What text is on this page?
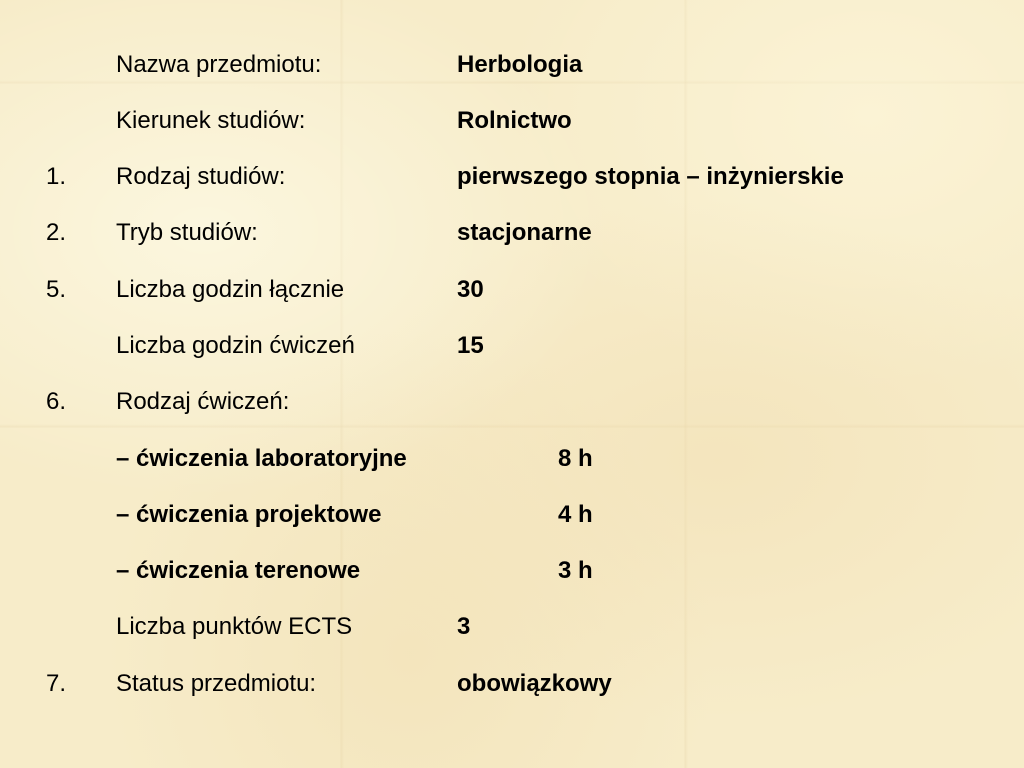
Nazwa przedmiotu:	Herbologia
Kierunek studiów:	Rolnictwo
1. Rodzaj studiów:	pierwszego stopnia – inżynierskie
2. Tryb studiów:	stacjonarne
5. Liczba godzin łącznie	30
Liczba godzin ćwiczeń	15
6. Rodzaj ćwiczeń:
– ćwiczenia laboratoryjne	8 h
– ćwiczenia projektowe	4 h
– ćwiczenia terenowe	3 h
Liczba punktów ECTS	3
7. Status przedmiotu:	obowiązkowy
